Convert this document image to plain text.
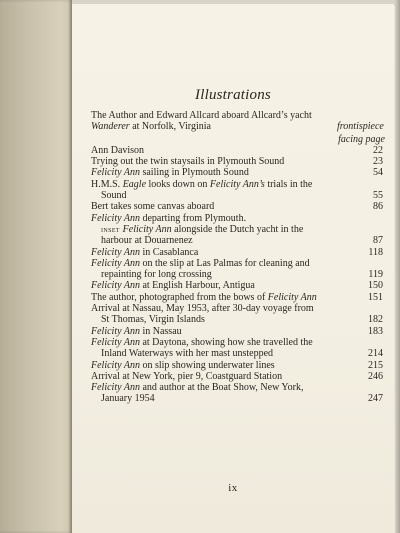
Illustrations
The Author and Edward Allcard aboard Allcard’s yacht
Wanderer at Norfolk, Virginia	frontispiece
facing page
Ann Davison	22
Trying out the twin staysails in Plymouth Sound	23
Felicity Ann sailing in Plymouth Sound	54
H.M.S. Eagle looks down on Felicity Ann’s trials in the
Sound	55
Bert takes some canvas aboard	86
Felicity Ann departing from Plymouth.
inset Felicity Ann alongside the Dutch yacht in the
harbour at Douarnenez	87
Felicity Ann in Casablanca	118
Felicity Ann on the slip at Las Palmas for cleaning and
repainting for long crossing	119
Felicity Ann at English Harbour, Antigua	150
The author, photographed from the bows of Felicity Ann	151
Arrival at Nassau, May 1953, after 30-day voyage from
St Thomas, Virgin Islands	182
Felicity Ann in Nassau	183
Felicity Ann at Daytona, showing how she travelled the
Inland Waterways with her mast unstepped	214
Felicity Ann on slip showing underwater lines	215
Arrival at New York, pier 9, Coastguard Station	246
Felicity Ann and author at the Boat Show, New York,
January 1954	247
ix
